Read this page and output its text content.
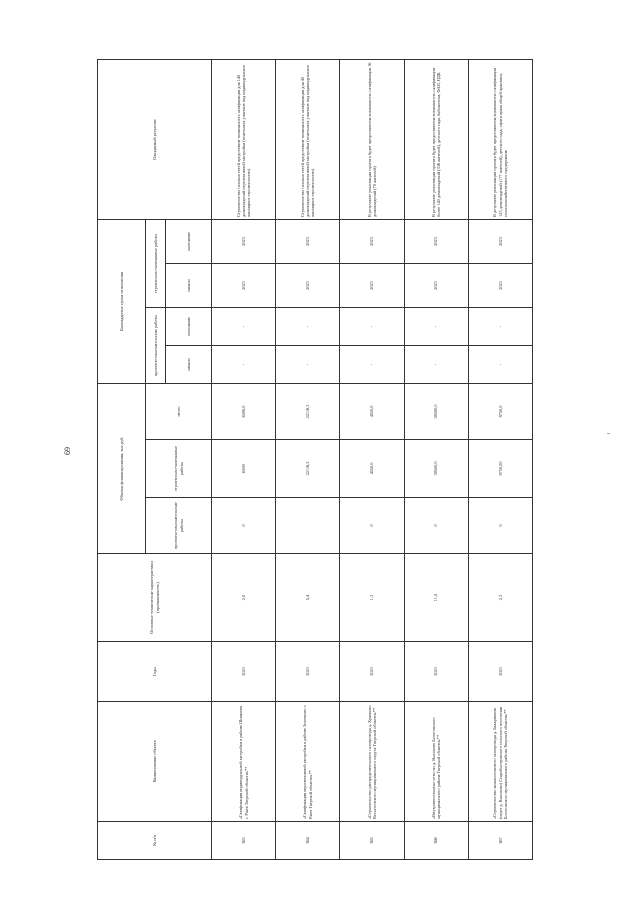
69
№ п/п	Наименование объекта	Годы	Основные технические характеристики (протяженность)	Объемы финансирования, тыс.руб.			Календарные сроки исполнения				Ожидаемый результат
				проектно-изыскательские работы	строительно-монтажные работы	итого	проектно-изыскательские работы		строительно-монтажные работы		
							начало	окончание	начало	окончание	
363	«Газификация индивидуальной застройки в районе Шишкова г. Ржев Тверской области»**	2023	2,0	0	6590	6590,0	-	-	2023	2023	Строительство газовых сетей предоставит возможность газификации для 140 домовладений перспективной застройки (земельных участков под индивидуальное жилищное строительство)
364	«Газификация перспективной застройки в районе Зеленково г. Ржев Тверской области»**	2023	5,4		22116,3	22116,3	-	-	2023	2023	Строительство газовых сетей предоставит возможность газификации для 40 домовладений перспективной застройки (земельных участков под индивидуальное жилищное строительство)
365	«Строительство распределительного газопровода д. Храпково Весьегонского муниципального округа Тверской области»**	2023	1,3	0	4550,0	4550,0	-	-	2023	2023	В результате реализации проекта будет предоставлена возможность газификации 16 домовладений (70 жителей)
366	«Внутрипоселковые сети газ д. Высоково Бологовского муниципального района Тверской области»**	2023	11,0	0	38500,0	38500,0	-	-	2023	2023	В результате реализации проекта будет предоставлена возможность газификации более 140 домовладений (336 жителей), детского сада, библиотеки, ФАП, ОДК
367	«Строительство межпоселкового газопровода д. Бахарихина (через д. Высоково) Старобыстровского сельского поселения Бологовского муниципального района Тверской области»**	2023	2,3	0	8750,00	8750,0	-	-	2023	2023	В результате реализации проекта будет предоставлена возможность газификации 123 домовладений (177 жителей), детского сада, офиса врача общей практики, сельскохозяйственного предприятия
